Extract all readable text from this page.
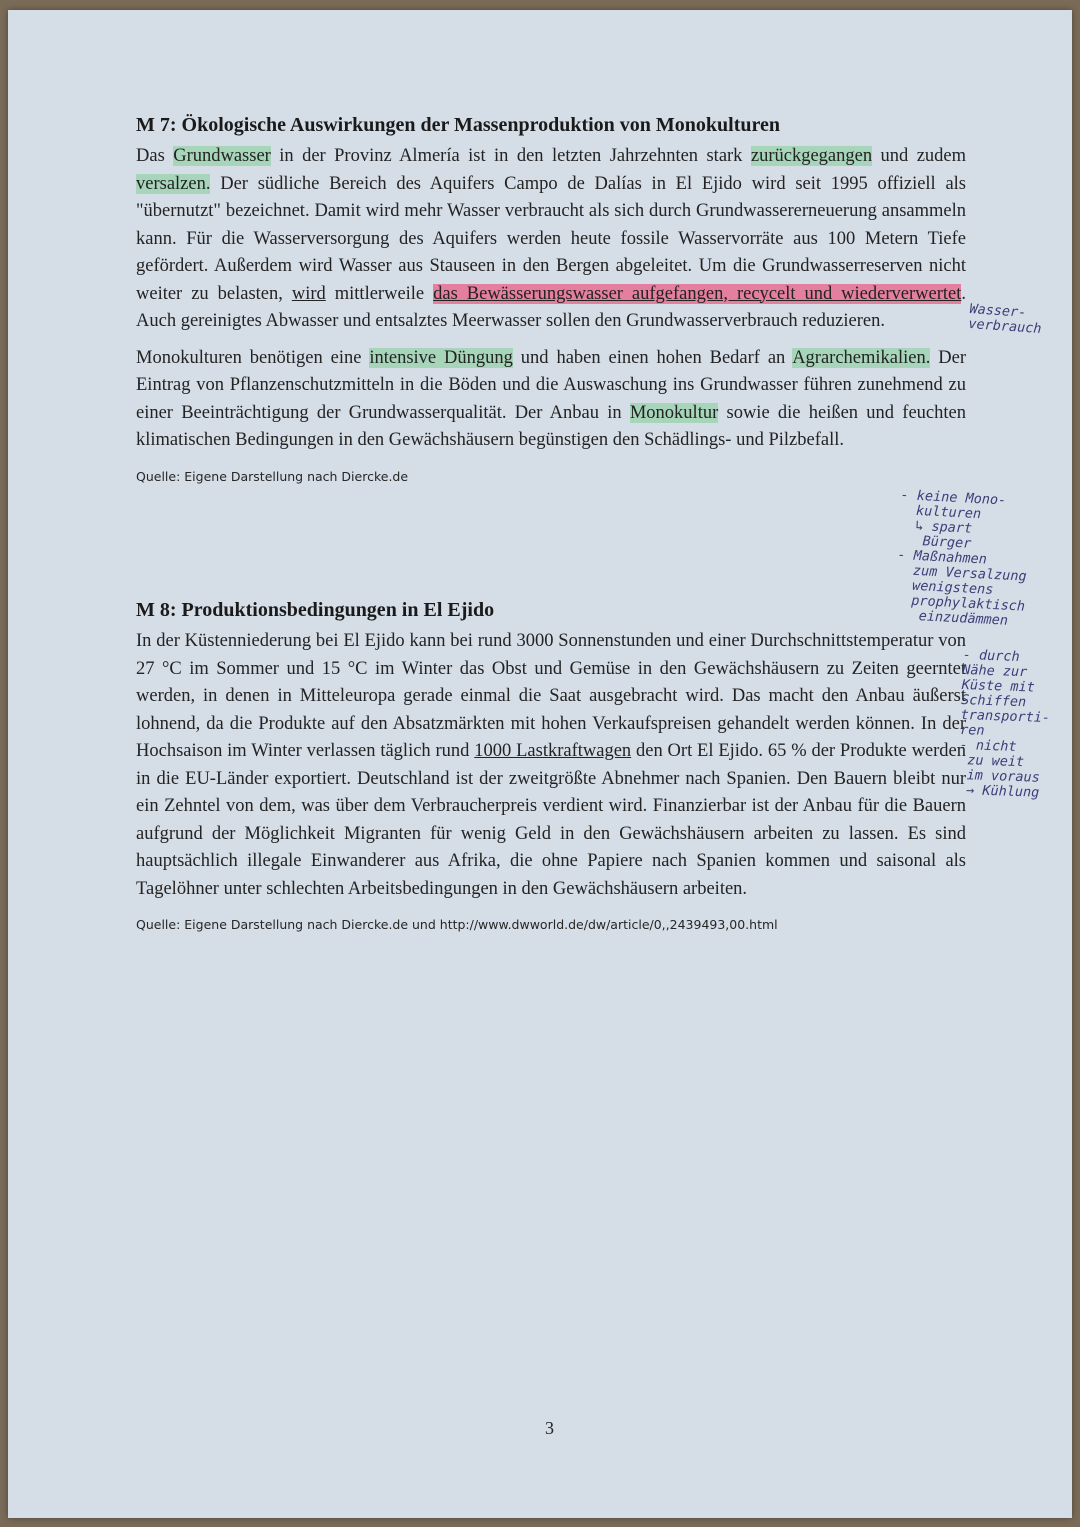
M 7: Ökologische Auswirkungen der Massenproduktion von Monokulturen

Das Grundwasser in der Provinz Almería ist in den letzten Jahrzehnten stark zurückgegangen und zudem versalzen. Der südliche Bereich des Aquifers Campo de Dalías in El Ejido wird seit 1995 offiziell als "übernutzt" bezeichnet. Damit wird mehr Wasser verbraucht als sich durch Grundwassererneuerung ansammeln kann. Für die Wasserversorgung des Aquifers werden heute fossile Wasservorräte aus 100 Metern Tiefe gefördert. Außerdem wird Wasser aus Stauseen in den Bergen abgeleitet. Um die Grundwasserreserven nicht weiter zu belasten, wird mittlerweile das Bewässerungswasser aufgefangen, recycelt und wiederverwertet. Auch gereinigtes Abwasser und entsalztes Meerwasser sollen den Grundwasserverbrauch reduzieren.

Monokulturen benötigen eine intensive Düngung und haben einen hohen Bedarf an Agrarchemikalien. Der Eintrag von Pflanzenschutzmitteln in die Böden und die Auswaschung ins Grundwasser führen zunehmend zu einer Beeinträchtigung der Grundwasserqualität. Der Anbau in Monokultur sowie die heißen und feuchten klimatischen Bedingungen in den Gewächshäusern begünstigen den Schädlings- und Pilzbefall.

Quelle: Eigene Darstellung nach Diercke.de
M 8: Produktionsbedingungen in El Ejido

In der Küstenniederung bei El Ejido kann bei rund 3000 Sonnenstunden und einer Durchschnittstemperatur von 27 °C im Sommer und 15 °C im Winter das Obst und Gemüse in den Gewächshäusern zu Zeiten geerntet werden, in denen in Mitteleuropa gerade einmal die Saat ausgebracht wird. Das macht den Anbau äußerst lohnend, da die Produkte auf den Absatzmärkten mit hohen Verkaufspreisen gehandelt werden können. In der Hochsaison im Winter verlassen täglich rund 1000 Lastkraftwagen den Ort El Ejido. 65 % der Produkte werden in die EU-Länder exportiert. Deutschland ist der zweitgrößte Abnehmer nach Spanien. Den Bauern bleibt nur ein Zehntel von dem, was über dem Verbraucherpreis verdient wird. Finanzierbar ist der Anbau für die Bauern aufgrund der Möglichkeit Migranten für wenig Geld in den Gewächshäusern arbeiten zu lassen. Es sind hauptsächlich illegale Einwanderer aus Afrika, die ohne Papiere nach Spanien kommen und saisonal als Tagelöhner unter schlechten Arbeitsbedingungen in den Gewächshäusern arbeiten.

Quelle: Eigene Darstellung nach Diercke.de und http://www.dwworld.de/dw/article/0,,2439493,00.html
Wasser-
verbrauch
- keine Mono-
kulturen
↳ spart
Bürger
- Maßnahmen
zum Versalzung
wenigstens
prophylaktisch
einzudämmen
- durch
Nähe zur
Küste mit
Schiffen
transporti-
ren
- nicht
zu weit
im voraus
→ Kühlung
3
